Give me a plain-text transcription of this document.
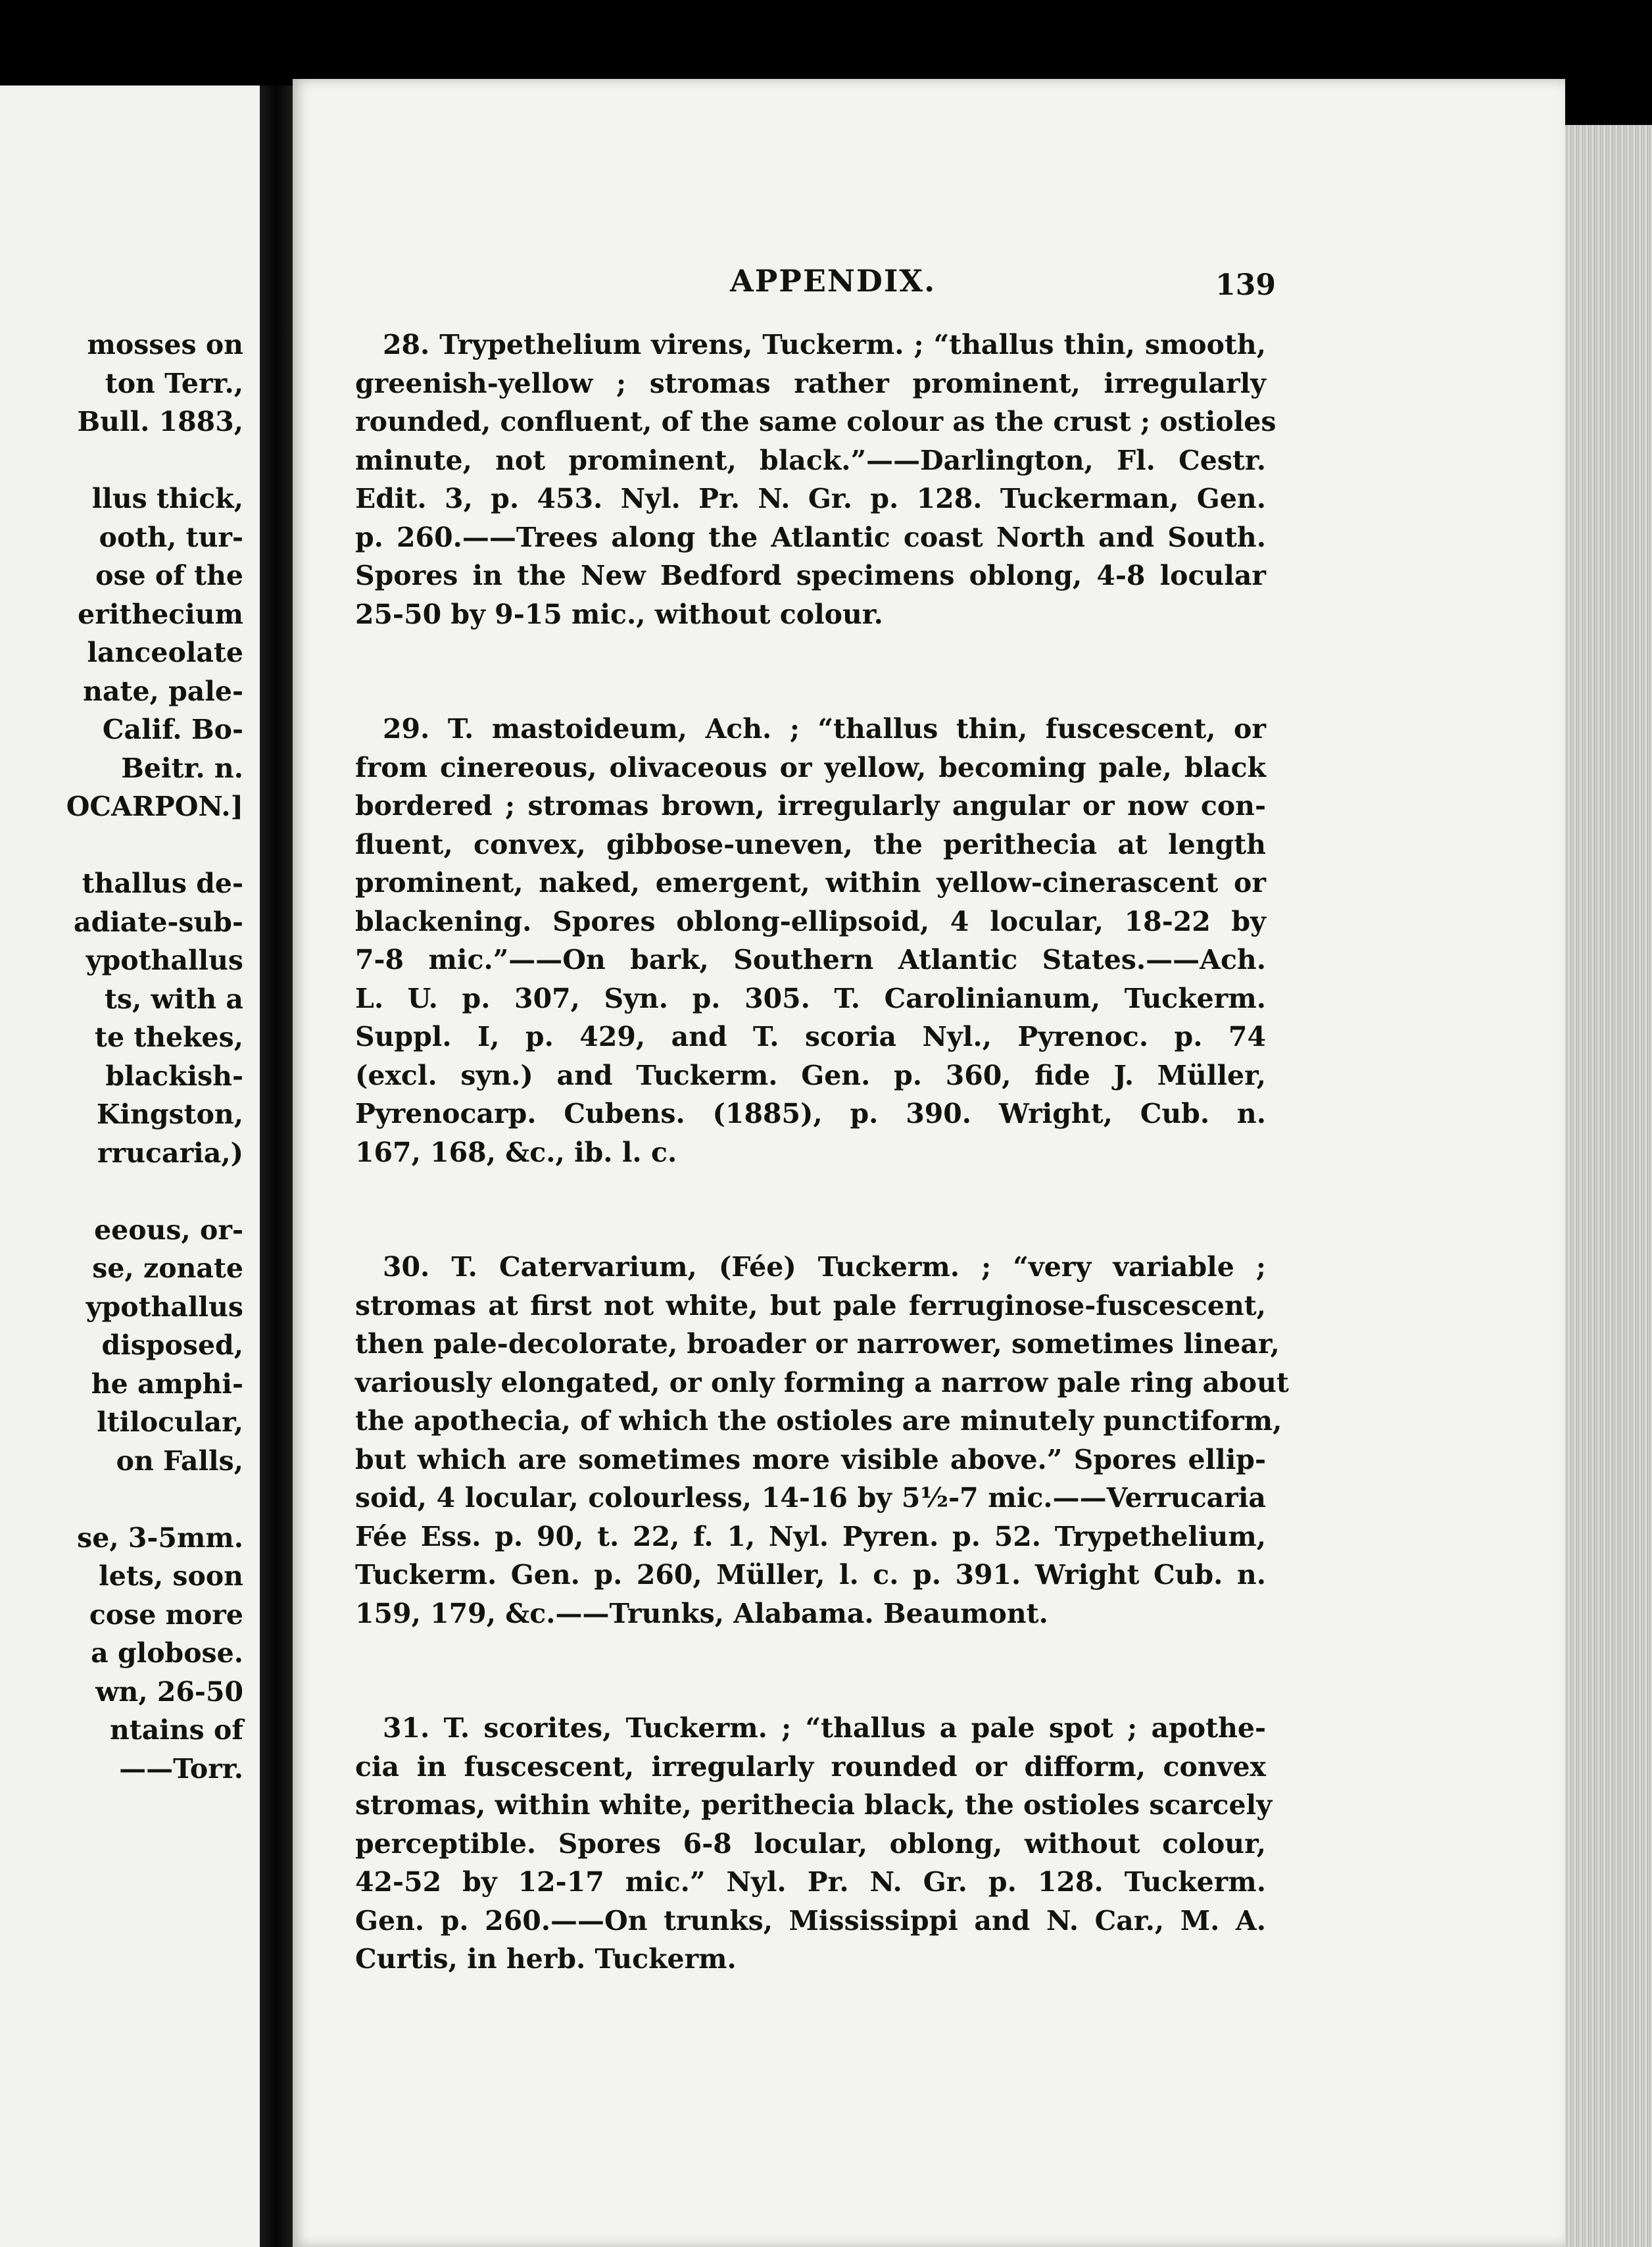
mosses on
ton Terr.,
Bull. 1883,
llus thick,
ooth, tur-
ose of the
erithecium
lanceolate
nate, pale-
Calif. Bo-
Beitr. n.
OCARPON.]
thallus de-
adiate-sub-
ypothallus
ts, with a
te thekes,
blackish-
Kingston,
rrucaria,)
eeous, or-
se, zonate
ypothallus
disposed,
he amphi-
ltilocular,
on Falls,
se, 3-5mm.
lets, soon
cose more
a globose.
wn, 26-50
ntains of
——Torr.
APPENDIX.	139
28. Trypethelium virens, Tuckerm. ; “thallus thin, smooth,
greenish-yellow ; stromas rather prominent, irregularly
rounded, confluent, of the same colour as the crust ; ostioles
minute, not prominent, black.”——Darlington, Fl. Cestr.
Edit. 3, p. 453. Nyl. Pr. N. Gr. p. 128. Tuckerman, Gen.
p. 260.——Trees along the Atlantic coast North and South.
Spores in the New Bedford specimens oblong, 4-8 locular
25-50 by 9-15 mic., without colour.
29. T. mastoideum, Ach. ; “thallus thin, fuscescent, or
from cinereous, olivaceous or yellow, becoming pale, black
bordered ; stromas brown, irregularly angular or now con-
fluent, convex, gibbose-uneven, the perithecia at length
prominent, naked, emergent, within yellow-cinerascent or
blackening. Spores oblong-ellipsoid, 4 locular, 18-22 by
7-8 mic.”——On bark, Southern Atlantic States.——Ach.
L. U. p. 307, Syn. p. 305. T. Carolinianum, Tuckerm.
Suppl. I, p. 429, and T. scoria Nyl., Pyrenoc. p. 74
(excl. syn.) and Tuckerm. Gen. p. 360, fide J. Müller,
Pyrenocarp. Cubens. (1885), p. 390. Wright, Cub. n.
167, 168, &c., ib. l. c.
30. T. Catervarium, (Fée) Tuckerm. ; “very variable ;
stromas at first not white, but pale ferruginose-fuscescent,
then pale-decolorate, broader or narrower, sometimes linear,
variously elongated, or only forming a narrow pale ring about
the apothecia, of which the ostioles are minutely punctiform,
but which are sometimes more visible above.” Spores ellip-
soid, 4 locular, colourless, 14-16 by 5½-7 mic.——Verrucaria
Fée Ess. p. 90, t. 22, f. 1, Nyl. Pyren. p. 52. Trypethelium,
Tuckerm. Gen. p. 260, Müller, l. c. p. 391. Wright Cub. n.
159, 179, &c.——Trunks, Alabama. Beaumont.
31. T. scorites, Tuckerm. ; “thallus a pale spot ; apothe-
cia in fuscescent, irregularly rounded or difform, convex
stromas, within white, perithecia black, the ostioles scarcely
perceptible. Spores 6-8 locular, oblong, without colour,
42-52 by 12-17 mic.” Nyl. Pr. N. Gr. p. 128. Tuckerm.
Gen. p. 260.——On trunks, Mississippi and N. Car., M. A.
Curtis, in herb. Tuckerm.
